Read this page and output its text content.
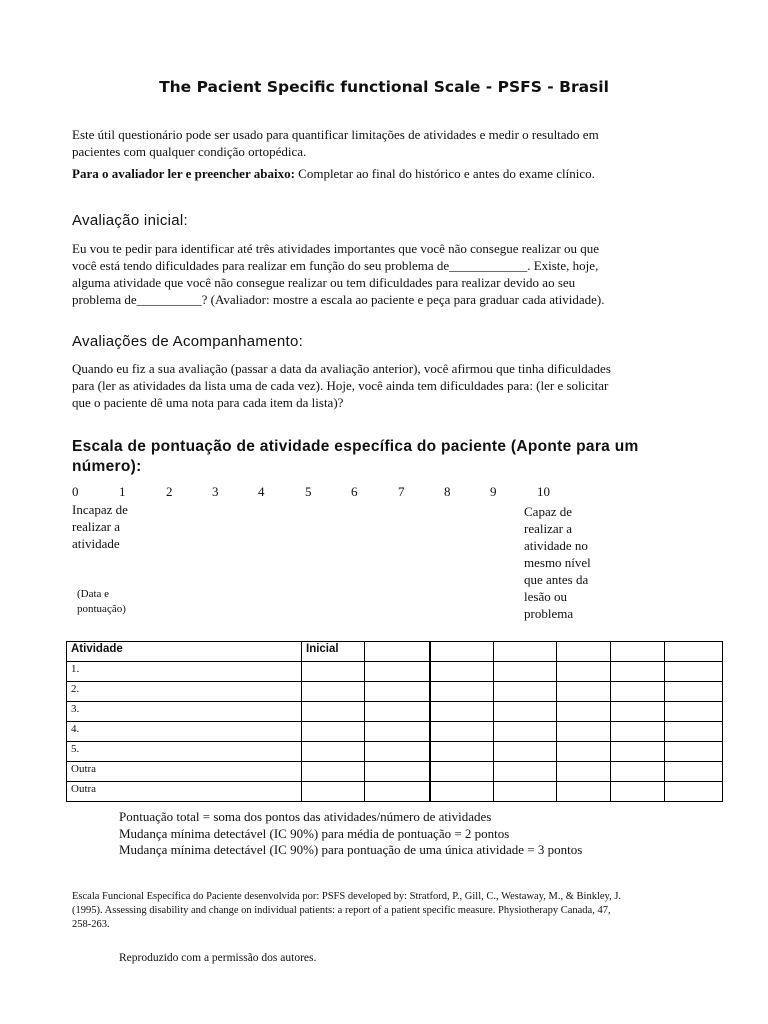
The Pacient Specific functional Scale - PSFS - Brasil
Este útil questionário pode ser usado para quantificar limitações de atividades e medir o resultado em
pacientes com qualquer condição ortopédica.
Para o avaliador ler e preencher abaixo: Completar ao final do histórico e antes do exame clínico.
Avaliação inicial:
Eu vou te pedir para identificar até três atividades importantes que você não consegue realizar ou que
você está tendo dificuldades para realizar em função do seu problema de____________. Existe, hoje,
alguma atividade que você não consegue realizar ou tem dificuldades para realizar devido ao seu
problema de__________? (Avaliador: mostre a escala ao paciente e peça para graduar cada atividade).
Avaliações de Acompanhamento:
Quando eu fiz a sua avaliação (passar a data da avaliação anterior), você afirmou que tinha dificuldades
para (ler as atividades da lista uma de cada vez). Hoje, você ainda tem dificuldades para: (ler e solicitar
que o paciente dê uma nota para cada item da lista)?
Escala de pontuação de atividade específica do paciente (Aponte para um
número):
0	1	2	3	4	5	6	7	8	9	10
Incapaz de
realizar a
atividade
Capaz de
realizar a
atividade no
mesmo nível
que antes da
lesão ou
problema
(Data e
pontuação)
Atividade	Inicial						
1.							
2.							
3.							
4.							
5.							
Outra							
Outra							
Pontuação total = soma dos pontos das atividades/número de atividades
Mudança mínima detectável (IC 90%) para média de pontuação = 2 pontos
Mudança mínima detectável (IC 90%) para pontuação de uma única atividade = 3 pontos
Escala Funcional Específica do Paciente desenvolvida por: PSFS developed by: Stratford, P., Gill, C., Westaway, M., & Binkley, J.
(1995). Assessing disability and change on individual patients: a report of a patient specific measure. Physiotherapy Canada, 47,
258-263.
Reproduzido com a permissão dos autores.
